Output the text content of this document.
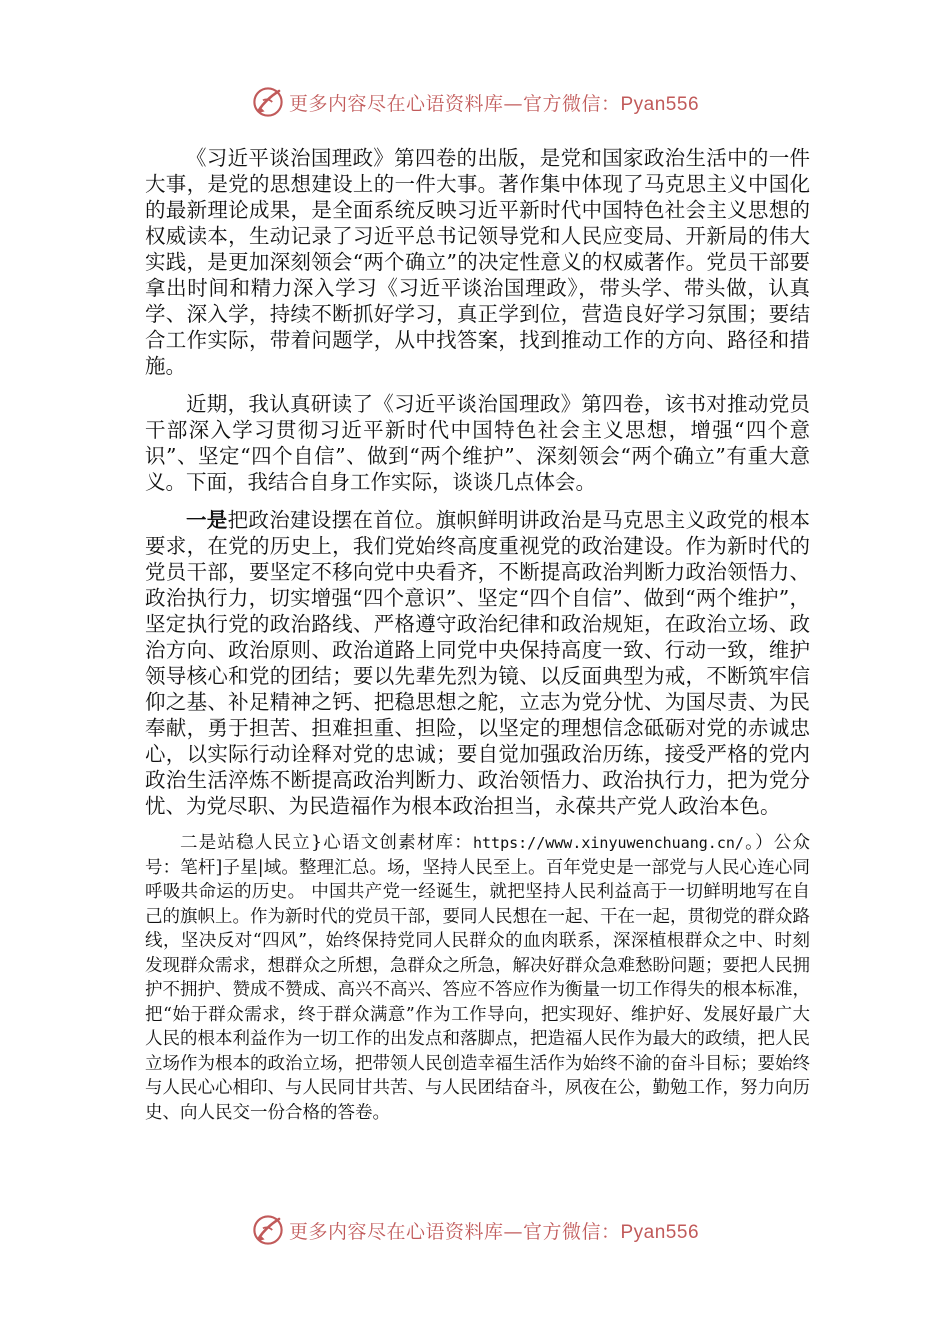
更多内容尽在心语资料库—官方微信：Pyan556

《习近平谈治国理政》第四卷的出版，是党和国家政治生活中的一件大事，是党的思想建设上的一件大事。著作集中体现了马克思主义中国化的最新理论成果，是全面系统反映习近平新时代中国特色社会主义思想的权威读本，生动记录了习近平总书记领导党和人民应变局、开新局的伟大实践，是更加深刻领会“两个确立”的决定性意义的权威著作。党员干部要拿出时间和精力深入学习《习近平谈治国理政》，带头学、带头做，认真学、深入学，持续不断抓好学习，真正学到位，营造良好学习氛围；要结合工作实际，带着问题学，从中找答案，找到推动工作的方向、路径和措施。

近期，我认真研读了《习近平谈治国理政》第四卷，该书对推动党员干部深入学习贯彻习近平新时代中国特色社会主义思想，增强“四个意识”、坚定“四个自信”、做到“两个维护”、深刻领会“两个确立”有重大意义。下面，我结合自身工作实际，谈谈几点体会。

一是把政治建设摆在首位。旗帜鲜明讲政治是马克思主义政党的根本要求，在党的历史上，我们党始终高度重视党的政治建设。作为新时代的党员干部，要坚定不移向党中央看齐，不断提高政治判断力政治领悟力、政治执行力，切实增强“四个意识”、坚定“四个自信”、做到“两个维护”，坚定执行党的政治路线、严格遵守政治纪律和政治规矩，在政治立场、政治方向、政治原则、政治道路上同党中央保持高度一致、行动一致，维护领导核心和党的团结；要以先辈先烈为镜、以反面典型为戒，不断筑牢信仰之基、补足精神之钙、把稳思想之舵，立志为党分忧、为国尽责、为民奉献，勇于担苦、担难担重、担险，以坚定的理想信念砥砺对党的赤诚忠心，以实际行动诠释对党的忠诚；要自觉加强政治历练，接受严格的党内政治生活淬炼不断提高政治判断力、政治领悟力、政治执行力，把为党分忧、为党尽职、为民造福作为根本政治担当，永葆共产党人政治本色。

二是站稳人民立}心语文创素材库：https://www.xinyuwenchuang.cn/。）公众号：笔杆]子星|域。整理汇总。场，坚持人民至上。百年党史是一部党与人民心连心同呼吸共命运的历史。 中国共产党一经诞生，就把坚持人民利益高于一切鲜明地写在自己的旗帜上。作为新时代的党员干部，要同人民想在一起、干在一起，贯彻党的群众路线，坚决反对“四风”，始终保持党同人民群众的血肉联系，深深植根群众之中、时刻发现群众需求，想群众之所想，急群众之所急，解决好群众急难愁盼问题；要把人民拥护不拥护、赞成不赞成、高兴不高兴、答应不答应作为衡量一切工作得失的根本标准，把“始于群众需求，终于群众满意”作为工作导向，把实现好、维护好、发展好最广大人民的根本利益作为一切工作的出发点和落脚点，把造福人民作为最大的政绩，把人民立场作为根本的政治立场，把带领人民创造幸福生活作为始终不渝的奋斗目标；要始终与人民心心相印、与人民同甘共苦、与人民团结奋斗，夙夜在公，勤勉工作，努力向历史、向人民交一份合格的答卷。

更多内容尽在心语资料库—官方微信：Pyan556
